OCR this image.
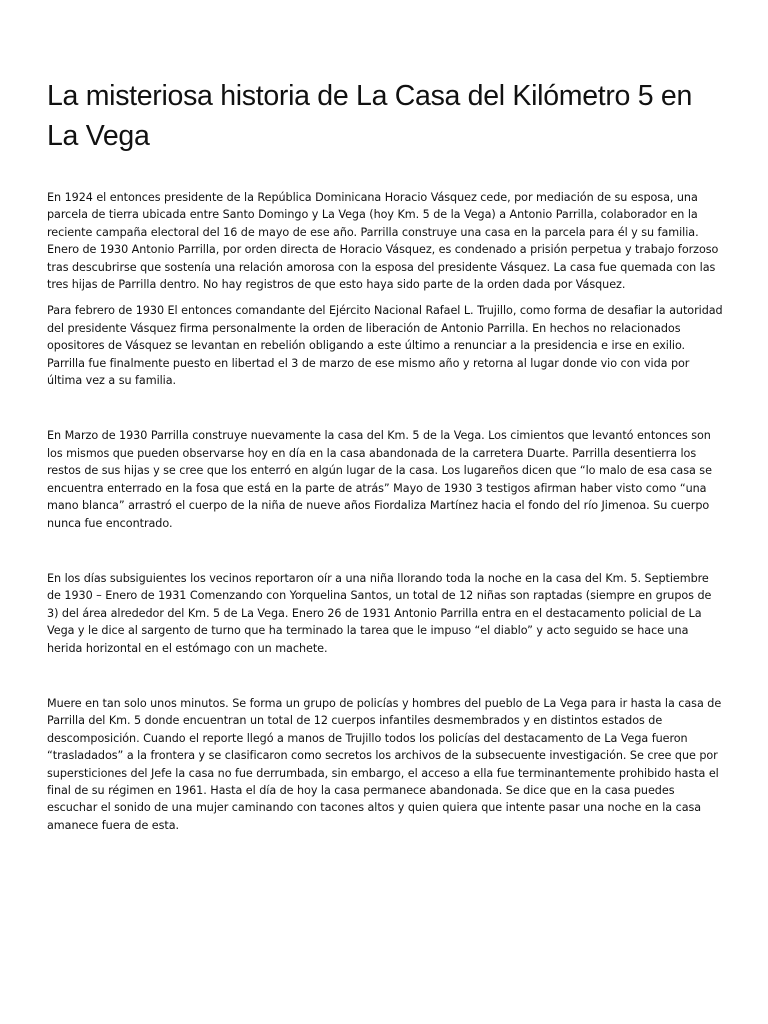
La misteriosa historia de La Casa del Kilómetro 5 en La Vega

En 1924 el entonces presidente de la República Dominicana Horacio Vásquez cede, por mediación de su esposa, una parcela de tierra ubicada entre Santo Domingo y La Vega (hoy Km. 5 de la Vega) a Antonio Parrilla, colaborador en la reciente campaña electoral del 16 de mayo de ese año. Parrilla construye una casa en la parcela para él y su familia. Enero de 1930 Antonio Parrilla, por orden directa de Horacio Vásquez, es condenado a prisión perpetua y trabajo forzoso tras descubrirse que sostenía una relación amorosa con la esposa del presidente Vásquez. La casa fue quemada con las tres hijas de Parrilla dentro. No hay registros de que esto haya sido parte de la orden dada por Vásquez.

Para febrero de 1930 El entonces comandante del Ejército Nacional Rafael L. Trujillo, como forma de desafiar la autoridad del presidente Vásquez firma personalmente la orden de liberación de Antonio Parrilla. En hechos no relacionados opositores de Vásquez se levantan en rebelión obligando a este último a renunciar a la presidencia e irse en exilio. Parrilla fue finalmente puesto en libertad el 3 de marzo de ese mismo año y retorna al lugar donde vio con vida por última vez a su familia.

En Marzo de 1930 Parrilla construye nuevamente la casa del Km. 5 de la Vega. Los cimientos que levantó entonces son los mismos que pueden observarse hoy en día en la casa abandonada de la carretera Duarte. Parrilla desentierra los restos de sus hijas y se cree que los enterró en algún lugar de la casa. Los lugareños dicen que “lo malo de esa casa se encuentra enterrado en la fosa que está en la parte de atrás” Mayo de 1930 3 testigos afirman haber visto como “una mano blanca” arrastró el cuerpo de la niña de nueve años Fiordaliza Martínez hacia el fondo del río Jimenoa. Su cuerpo nunca fue encontrado.

En los días subsiguientes los vecinos reportaron oír a una niña llorando toda la noche en la casa del Km. 5. Septiembre de 1930 – Enero de 1931 Comenzando con Yorquelina Santos, un total de 12 niñas son raptadas (siempre en grupos de 3) del área alrededor del Km. 5 de La Vega. Enero 26 de 1931 Antonio Parrilla entra en el destacamento policial de La Vega y le dice al sargento de turno que ha terminado la tarea que le impuso “el diablo” y acto seguido se hace una herida horizontal en el estómago con un machete.

Muere en tan solo unos minutos. Se forma un grupo de policías y hombres del pueblo de La Vega para ir hasta la casa de Parrilla del Km. 5 donde encuentran un total de 12 cuerpos infantiles desmembrados y en distintos estados de descomposición. Cuando el reporte llegó a manos de Trujillo todos los policías del destacamento de La Vega fueron “trasladados” a la frontera y se clasificaron como secretos los archivos de la subsecuente investigación. Se cree que por supersticiones del Jefe la casa no fue derrumbada, sin embargo, el acceso a ella fue terminantemente prohibido hasta el final de su régimen en 1961. Hasta el día de hoy la casa permanece abandonada. Se dice que en la casa puedes escuchar el sonido de una mujer caminando con tacones altos y quien quiera que intente pasar una noche en la casa amanece fuera de esta.
